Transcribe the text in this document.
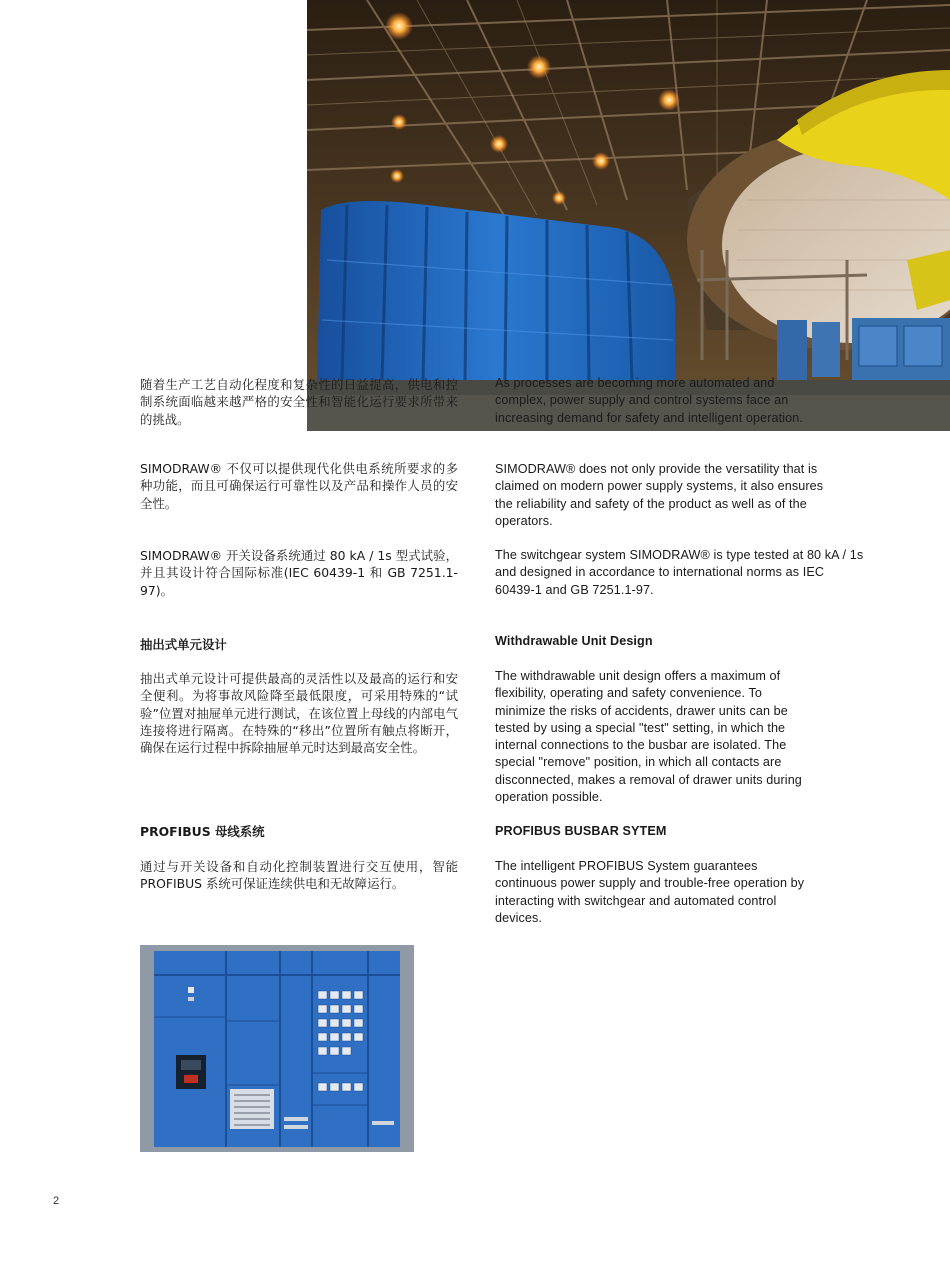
随着生产工艺自动化程度和复杂性的日益提高，供电和控制系统面临越来越严格的安全性和智能化运行要求所带来的挑战。

SIMODRAW® 不仅可以提供现代化供电系统所要求的多种功能，而且可确保运行可靠性以及产品和操作人员的安全性。

SIMODRAW® 开关设备系统通过 80 kA / 1s 型式试验，并且其设计符合国际标准(IEC 60439-1 和 GB 7251.1-97)。

抽出式单元设计

抽出式单元设计可提供最高的灵活性以及最高的运行和安全便利。为将事故风险降至最低限度，可采用特殊的“试验”位置对抽屉单元进行测试，在该位置上母线的内部电气连接将进行隔离。在特殊的“移出”位置所有触点将断开，确保在运行过程中拆除抽屉单元时达到最高安全性。

PROFIBUS 母线系统

通过与开关设备和自动化控制装置进行交互使用，智能 PROFIBUS 系统可保证连续供电和无故障运行。

As processes are becoming more automated and complex, power supply and control systems face an increasing demand for safety and intelligent operation.

SIMODRAW® does not only provide the versatility that is claimed on modern power supply systems, it also ensures the reliability and safety of the product as well as of the operators.

The switchgear system SIMODRAW® is type tested at 80 kA / 1s and designed in accordance to international norms as IEC 60439-1 and GB 7251.1-97.

Withdrawable Unit Design

The withdrawable unit design offers a maximum of flexibility, operating and safety convenience. To minimize the risks of accidents, drawer units can be tested by using a special "test" setting, in which the internal connections to the busbar are isolated. The special "remove" position, in which all contacts are disconnected, makes a removal of drawer units during operation possible.

PROFIBUS BUSBAR SYTEM

The intelligent PROFIBUS System guarantees continuous power supply and trouble-free operation by interacting with switchgear and automated control devices.

2
